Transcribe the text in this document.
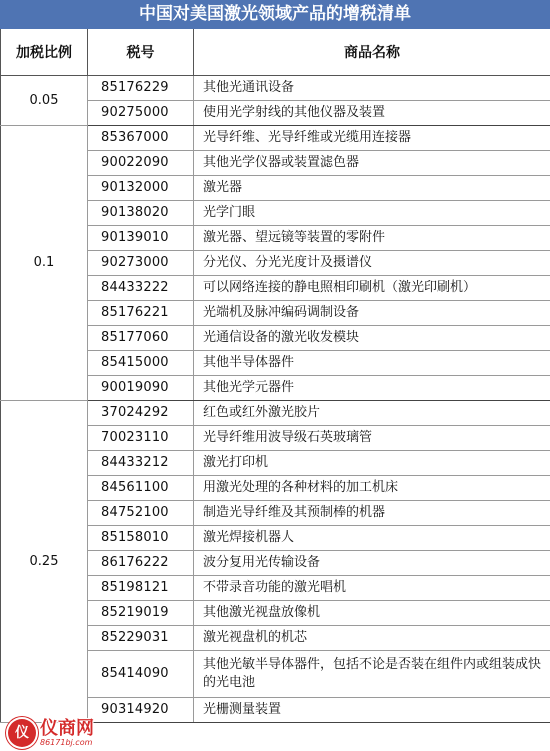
中国对美国激光领域产品的增税清单
加税比例	税号	商品名称
0.05	85176229	其他光通讯设备
	90275000	使用光学射线的其他仪器及装置
0.1	85367000	光导纤维、光导纤维或光缆用连接器
	90022090	其他光学仪器或装置滤色器
	90132000	激光器
	90138020	光学门眼
	90139010	激光器、望远镜等装置的零附件
	90273000	分光仪、分光光度计及摄谱仪
	84433222	可以网络连接的静电照相印刷机（激光印刷机）
	85176221	光端机及脉冲编码调制设备
	85177060	光通信设备的激光收发模块
	85415000	其他半导体器件
	90019090	其他光学元器件
0.25	37024292	红色或红外激光胶片
	70023110	光导纤维用波导级石英玻璃管
	84433212	激光打印机
	84561100	用激光处理的各种材料的加工机床
	84752100	制造光导纤维及其预制棒的机器
	85158010	激光焊接机器人
	86176222	波分复用光传输设备
	85198121	不带录音功能的激光唱机
	85219019	其他激光视盘放像机
	85229031	激光视盘机的机芯
	85414090	其他光敏半导体器件，包括不论是否装在组件内或组装成快的光电池
	90314920	光栅测量装置
仪 仪商网
86171bj.com
